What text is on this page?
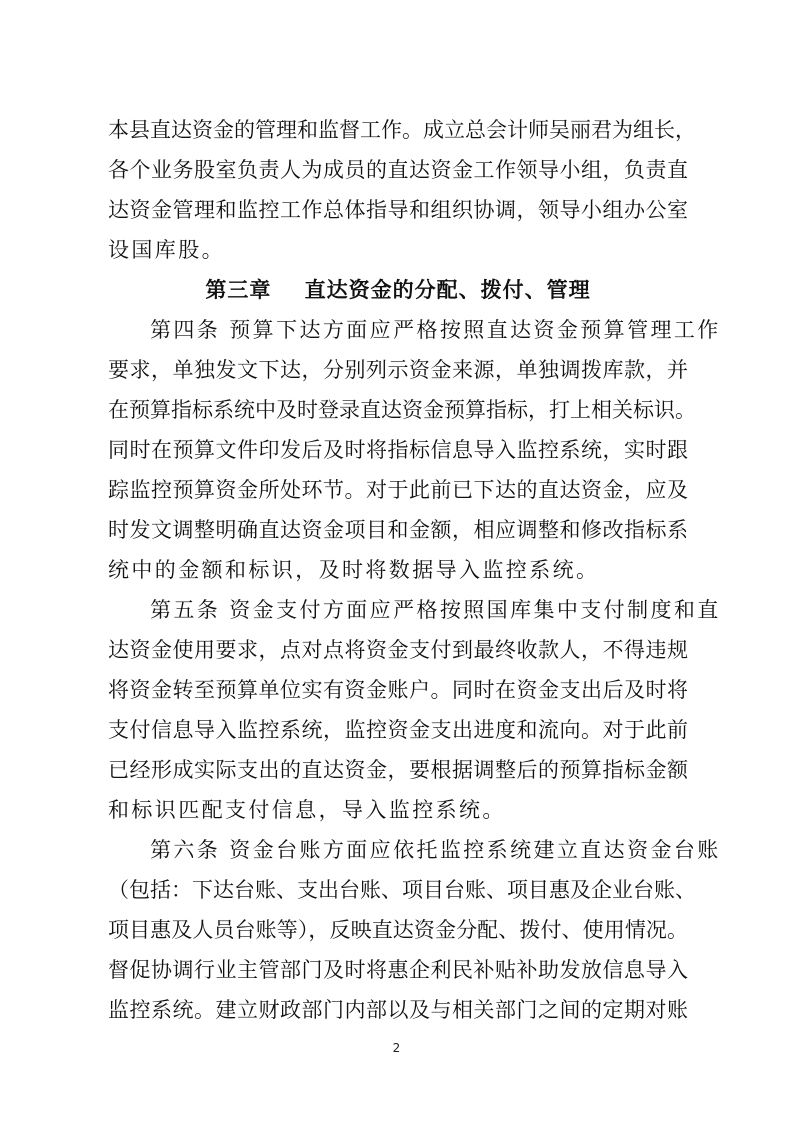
本县直达资金的管理和监督工作。成立总会计师吴丽君为组长，
各个业务股室负责人为成员的直达资金工作领导小组，负责直
达资金管理和监控工作总体指导和组织协调，领导小组办公室
设国库股。
第三章    直达资金的分配、拨付、管理
第四条 预算下达方面应严格按照直达资金预算管理工作
要求，单独发文下达，分别列示资金来源，单独调拨库款，并
在预算指标系统中及时登录直达资金预算指标，打上相关标识。
同时在预算文件印发后及时将指标信息导入监控系统，实时跟
踪监控预算资金所处环节。对于此前已下达的直达资金，应及
时发文调整明确直达资金项目和金额，相应调整和修改指标系
统中的金额和标识，及时将数据导入监控系统。
第五条 资金支付方面应严格按照国库集中支付制度和直
达资金使用要求，点对点将资金支付到最终收款人，不得违规
将资金转至预算单位实有资金账户。同时在资金支出后及时将
支付信息导入监控系统，监控资金支出进度和流向。对于此前
已经形成实际支出的直达资金，要根据调整后的预算指标金额
和标识匹配支付信息，导入监控系统。
第六条 资金台账方面应依托监控系统建立直达资金台账
（包括：下达台账、支出台账、项目台账、项目惠及企业台账、
项目惠及人员台账等），反映直达资金分配、拨付、使用情况。
督促协调行业主管部门及时将惠企利民补贴补助发放信息导入
监控系统。建立财政部门内部以及与相关部门之间的定期对账
2
